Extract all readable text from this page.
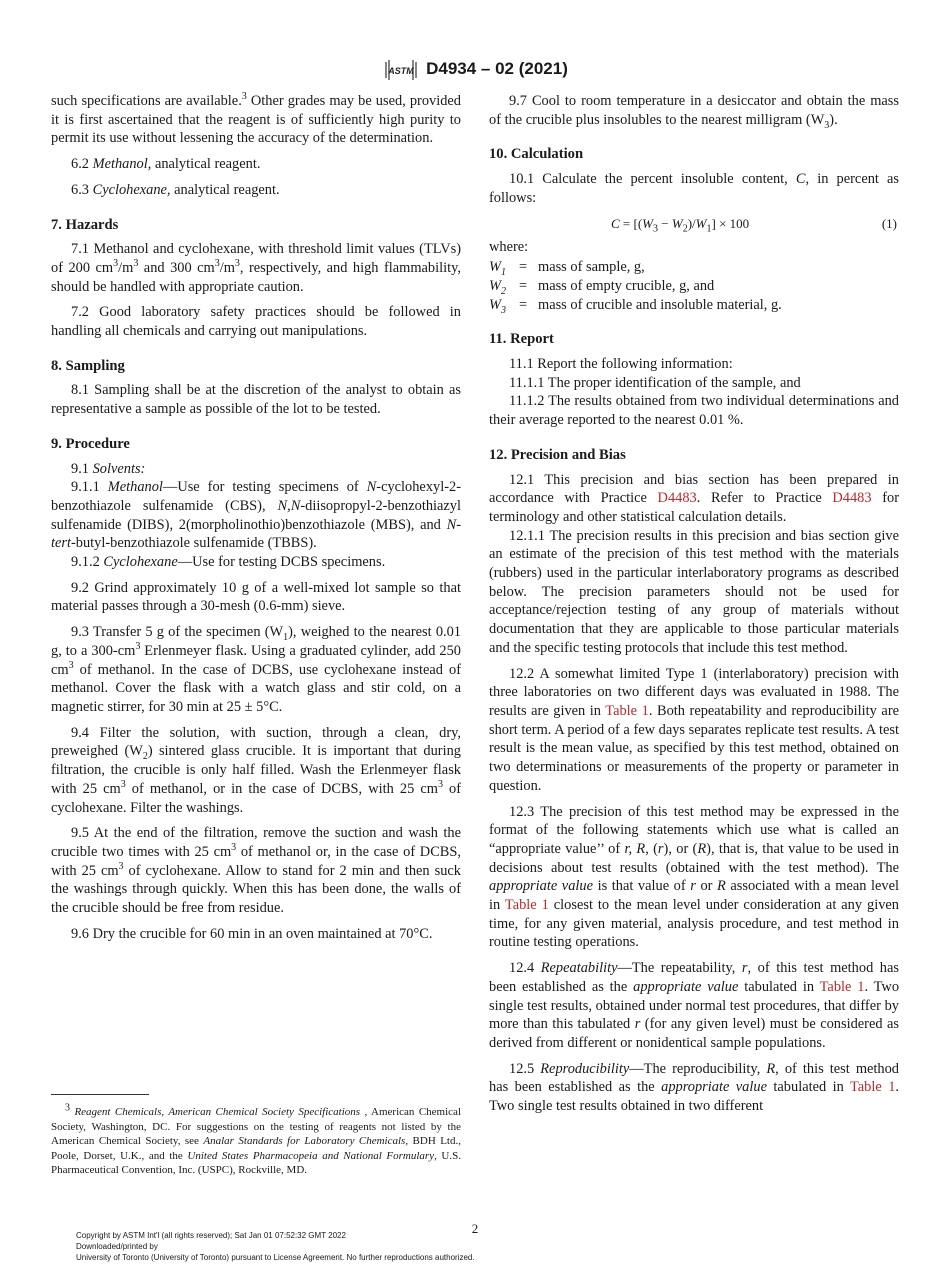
ASTM D4934 – 02 (2021)

such specifications are available.$^3$ Other grades may be used, provided it is first ascertained that the reagent is of sufficiently high purity to permit its use without lessening the accuracy of the determination.

6.2 Methanol, analytical reagent.

6.3 Cyclohexane, analytical reagent.

7. Hazards

7.1 Methanol and cyclohexane, with threshold limit values (TLVs) of 200 $cm^3/m^3$ and 300 $cm^3/m^3$, respectively, and high flammability, should be handled with appropriate caution.

7.2 Good laboratory safety practices should be followed in handling all chemicals and carrying out manipulations.

8. Sampling

8.1 Sampling shall be at the discretion of the analyst to obtain as representative a sample as possible of the lot to be tested.

9. Procedure

9.1 Solvents:

9.1.1 Methanol—Use for testing specimens of N-cyclohexyl-2-benzothiazole sulfenamide (CBS), N,N-diisopropyl-2-benzothiazyl sulfenamide (DIBS), 2(morpholinothio)benzothiazole (MBS), and N-tert-butyl-benzothiazole sulfenamide (TBBS).

9.1.2 Cyclohexane—Use for testing DCBS specimens.

9.2 Grind approximately 10 g of a well-mixed lot sample so that material passes through a 30-mesh (0.6-mm) sieve.

9.3 Transfer 5 g of the specimen $(W_1)$, weighed to the nearest 0.01 g, to a $300-cm^3$ Erlenmeyer flask. Using a graduated cylinder, add 250 $cm^3$ of methanol. In the case of DCBS, use cyclohexane instead of methanol. Cover the flask with a watch glass and stir cold, on a magnetic stirrer, for 30 min at 25 ± 5°C.

9.4 Filter the solution, with suction, through a clean, dry, preweighed $(W_2)$ sintered glass crucible. It is important that during filtration, the crucible is only half filled. Wash the Erlenmeyer flask with 25 $cm^3$ of methanol, or in the case of DCBS, with 25 $cm^3$ of cyclohexane. Filter the washings.

9.5 At the end of the filtration, remove the suction and wash the crucible two times with 25 $cm^3$ of methanol or, in the case of DCBS, with 25 $cm^3$ of cyclohexane. Allow to stand for 2 min and then suck the washings through quickly. When this has been done, the walls of the crucible should be free from residue.

9.6 Dry the crucible for 60 min in an oven maintained at 70°C.

$^3$ Reagent Chemicals, American Chemical Society Specifications , American Chemical Society, Washington, DC. For suggestions on the testing of reagents not listed by the American Chemical Society, see Analar Standards for Laboratory Chemicals, BDH Ltd., Poole, Dorset, U.K., and the United States Pharmacopeia and National Formulary, U.S. Pharmaceutical Convention, Inc. (USPC), Rockville, MD.

9.7 Cool to room temperature in a desiccator and obtain the mass of the crucible plus insolubles to the nearest milligram $(W_3)$.

10. Calculation

10.1 Calculate the percent insoluble content, C, in percent as follows:

$C = [(W_3 - W_2)/W_1] \times 100$	(1)

where:

$W_1$ = mass of sample, g,
$W_2$ = mass of empty crucible, g, and
$W_3$ = mass of crucible and insoluble material, g.
11. Report

11.1 Report the following information:

11.1.1 The proper identification of the sample, and

11.1.2 The results obtained from two individual determinations and their average reported to the nearest 0.01 %.

12. Precision and Bias

12.1 This precision and bias section has been prepared in accordance with Practice D4483. Refer to Practice D4483 for terminology and other statistical calculation details.

12.1.1 The precision results in this precision and bias section give an estimate of the precision of this test method with the materials (rubbers) used in the particular interlaboratory programs as described below. The precision parameters should not be used for acceptance/rejection testing of any group of materials without documentation that they are applicable to those particular materials and the specific testing protocols that include this test method.

12.2 A somewhat limited Type 1 (interlaboratory) precision with three laboratories on two different days was evaluated in 1988. The results are given in Table 1. Both repeatability and reproducibility are short term. A period of a few days separates replicate test results. A test result is the mean value, as specified by this test method, obtained on two determinations or measurements of the property or parameter in question.

12.3 The precision of this test method may be expressed in the format of the following statements which use what is called an “appropriate value’’ of r, R, (r), or (R), that is, that value to be used in decisions about test results (obtained with the test method). The appropriate value is that value of r or R associated with a mean level in Table 1 closest to the mean level under consideration at any given time, for any given material, analysis procedure, and test method in routine testing operations.

12.4 Repeatability—The repeatability, r, of this test method has been established as the appropriate value tabulated in Table 1. Two single test results, obtained under normal test procedures, that differ by more than this tabulated r (for any given level) must be considered as derived from different or nonidentical sample populations.

12.5 Reproducibility—The reproducibility, R, of this test method has been established as the appropriate value tabulated in Table 1. Two single test results obtained in two different

2
Copyright by ASTM Int'l (all rights reserved); Sat Jan 01 07:52:32 GMT 2022
Downloaded/printed by
University of Toronto (University of Toronto) pursuant to License Agreement. No further reproductions authorized.
